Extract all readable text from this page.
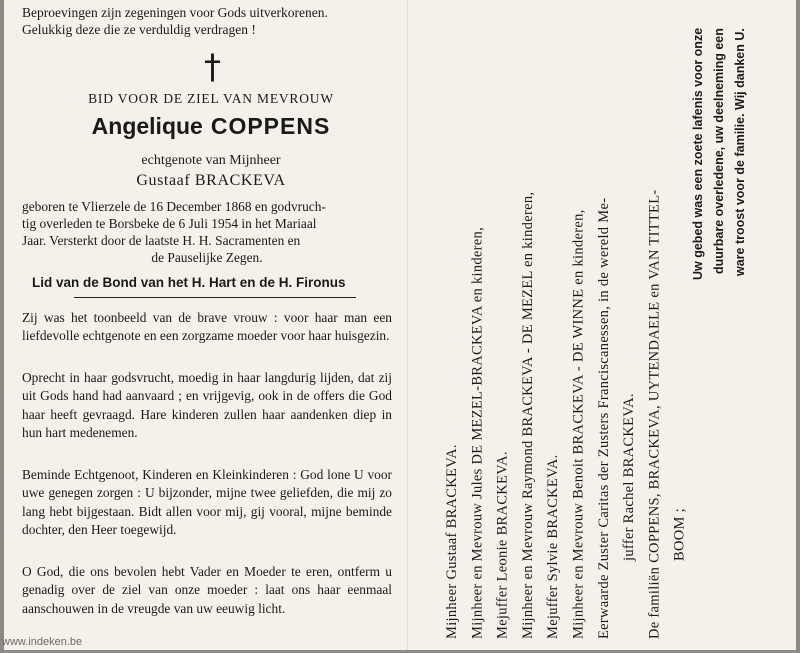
Beproevingen zijn zegeningen voor Gods uitverkorenen.
Gelukkig deze die ze verduldig verdragen !
†
BID VOOR DE ZIEL VAN MEVROUW
Angelique COPPENS
echtgenote van Mijnheer
Gustaaf BRACKEVA
geboren te Vlierzele de 16 December 1868 en godvruch-
tig overleden te Borsbeke de 6 Juli 1954 in het Mariaal
Jaar. Versterkt door de laatste H. H. Sacramenten en
de Pauselijke Zegen.
Lid van de Bond van het H. Hart en de H. Fironus
Zij was het toonbeeld van de brave vrouw : voor haar man een liefdevolle echtgenote en een zorgzame moeder voor haar huisgezin.
Oprecht in haar godsvrucht, moedig in haar langdurig lijden, dat zij uit Gods hand had aanvaard ; en vrijgevig, ook in de offers die God haar heeft gevraagd. Hare kinderen zullen haar aandenken diep in hun hart medenemen.
Beminde Echtgenoot, Kinderen en Kleinkinderen : God lone U voor uwe genegen zorgen : U bijzonder, mijne twee geliefden, die mij zo lang hebt bijgestaan. Bidt allen voor mij, gij vooral, mijne beminde dochter, den Heer toegewijd.
O God, die ons bevolen hebt Vader en Moeder te eren, ontferm u genadig over de ziel van onze moeder : laat ons haar eenmaal aanschouwen in de vreugde van uw eeuwig licht.	Mijnheer Gustaaf BRACKEVA. Mijnheer en Mevrouw Jules DE MEZEL-BRACKEVA en kinderen, Mejuffer Leonie BRACKEVA. Mijnheer en Mevrouw Raymond BRACKEVA - DE MEZEL en kinderen, Mejuffer Sylvie BRACKEVA. Mijnheer en Mevrouw Benoit BRACKEVA - DE WINNE en kinderen, Eerwaarde Zuster Caritas der Zusters Franciscanessen, in de wereld Me- juffer Rachel BRACKEVA. De familiën COPPENS, BRACKEVA, UYTENDAELE en VAN TITTEL- BOOM ;
Uw gebed was een zoete lafenis voor onze duurbare overledene, uw deelneming een ware troost voor de familie. Wij danken U.
www.indeken.be
